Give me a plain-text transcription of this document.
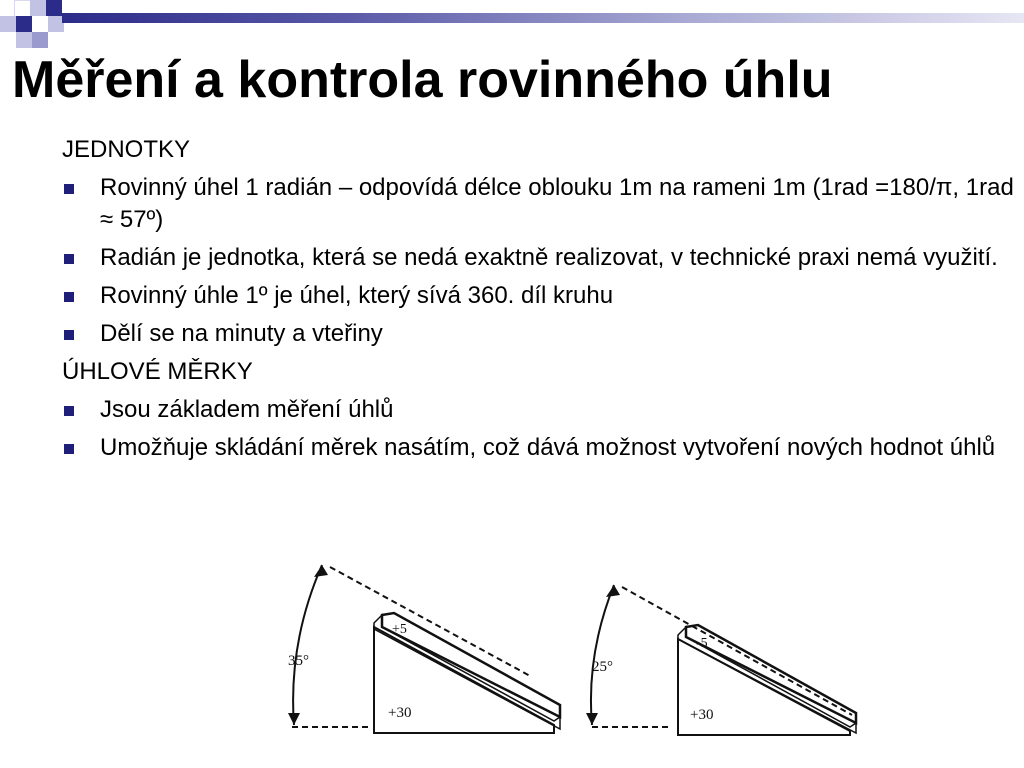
Měření a kontrola rovinného úhlu

JEDNOTKY

Rovinný úhel 1 radián – odpovídá délce oblouku 1m na rameni 1m (1rad =180/π, 1rad ≈ 57º)
Radián je jednotka, která se nedá exaktně realizovat, v technické praxi nemá využití.
Rovinný úhle 1º je úhel, který sívá 360. díl kruhu
Dělí se na minuty a vteřiny

ÚHLOVÉ MĚRKY

Jsou základem měření úhlů
Umožňuje skládání měrek nasátím, což dává možnost vytvoření nových hodnot úhlů
35°
+5
+30
25°
-5
+30
